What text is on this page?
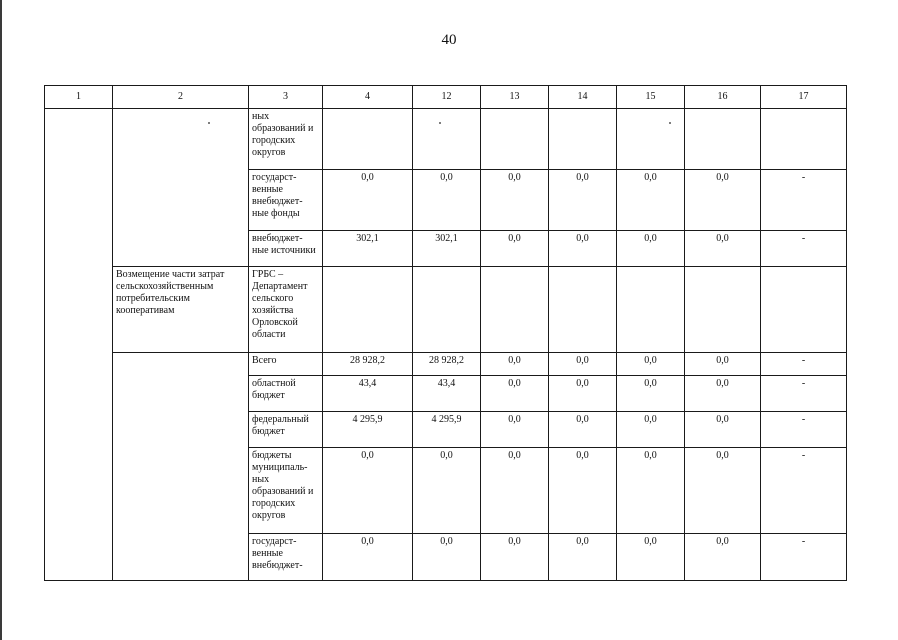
40
1	2	3	4	12	13	14	15	16	17
		ных образований и городских округов							
		государст-венные внебюджет-ные фонды	0,0	0,0	0,0	0,0	0,0	0,0	-
		внебюджет-ные источники	302,1	302,1	0,0	0,0	0,0	0,0	-
	Возмещение части затрат сельскохозяйственным потребительским кооперативам	ГРБС – Департамент сельского хозяйства Орловской области							
		Всего	28 928,2	28 928,2	0,0	0,0	0,0	0,0	-
		областной бюджет	43,4	43,4	0,0	0,0	0,0	0,0	-
		федеральный бюджет	4 295,9	4 295,9	0,0	0,0	0,0	0,0	-
		бюджеты муниципаль-ных образований и городских округов	0,0	0,0	0,0	0,0	0,0	0,0	-
		государст-венные внебюджет-	0,0	0,0	0,0	0,0	0,0	0,0	-
